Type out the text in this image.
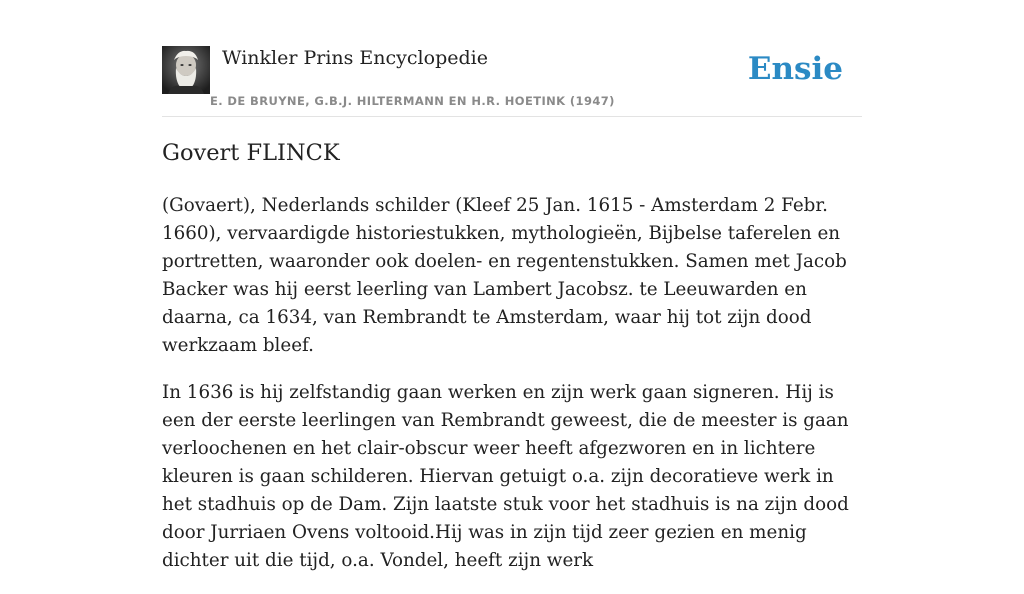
Winkler Prins Encyclopedie
E. DE BRUYNE, G.B.J. HILTERMANN EN H.R. HOETINK (1947)
Ensie
Govert FLINCK

(Govaert), Nederlands schilder (Kleef 25 Jan. 1615 - Amsterdam 2 Febr. 1660), vervaardigde historiestukken, mythologieën, Bijbelse taferelen en portretten, waaronder ook doelen- en regentenstukken. Samen met Jacob Backer was hij eerst leerling van Lambert Jacobsz. te Leeuwarden en daarna, ca 1634, van Rembrandt te Amsterdam, waar hij tot zijn dood werkzaam bleef.

In 1636 is hij zelfstandig gaan werken en zijn werk gaan signeren. Hij is een der eerste leerlingen van Rembrandt geweest, die de meester is gaan verloochenen en het clair-obscur weer heeft afgezworen en in lichtere kleuren is gaan schilderen. Hiervan getuigt o.a. zijn decoratieve werk in het stadhuis op de Dam. Zijn laatste stuk voor het stadhuis is na zijn dood door Jurriaen Ovens voltooid.Hij was in zijn tijd zeer gezien en menig dichter uit die tijd, o.a. Vondel, heeft zijn werk
